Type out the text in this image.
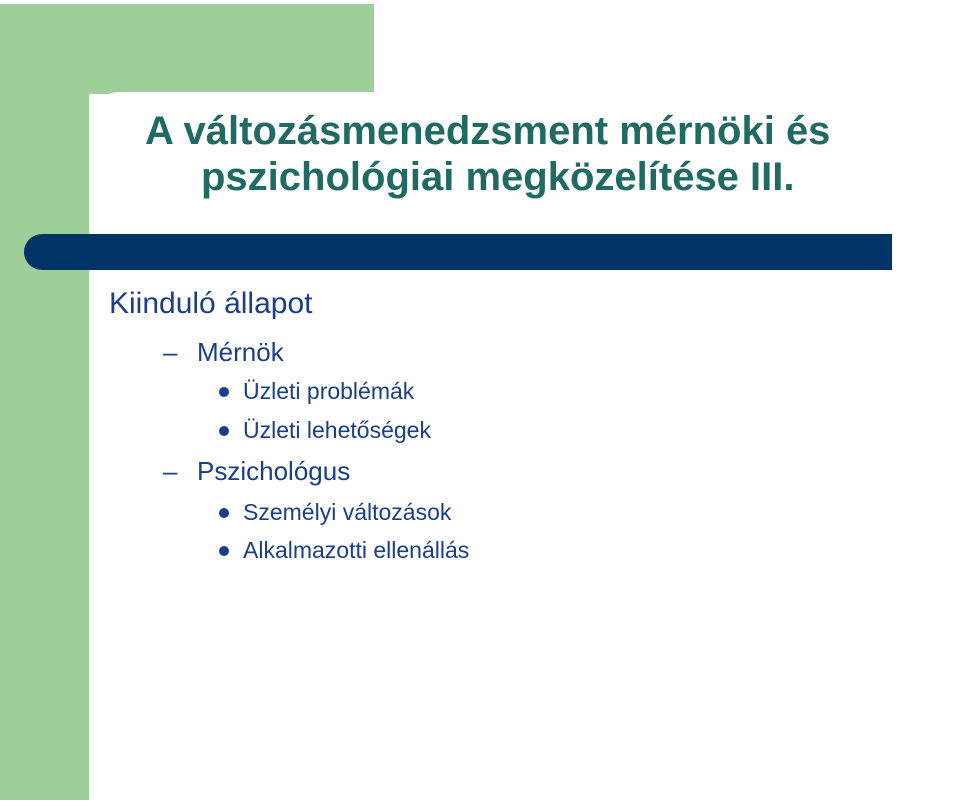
A változásmenedzsment mérnöki és
pszichológiai megközelítése III.

Kiinduló állapot

– Mérnök
Üzleti problémák
Üzleti lehetőségek
– Pszichológus
Személyi változások
Alkalmazotti ellenállás
